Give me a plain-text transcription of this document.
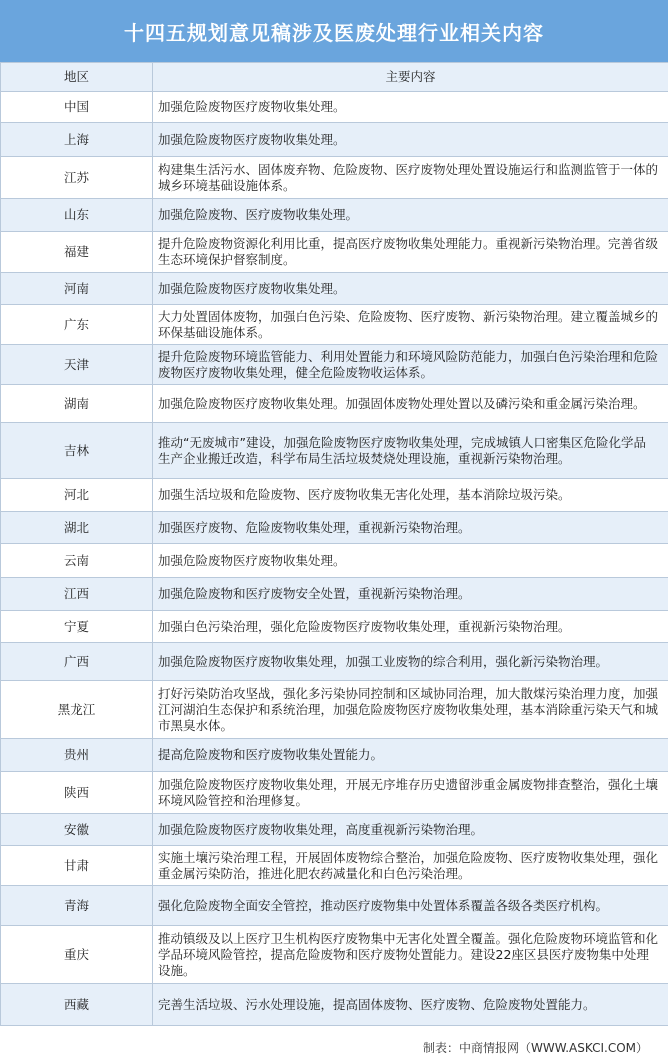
十四五规划意见稿涉及医废处理行业相关内容
地区	主要内容
中国	加强危险废物医疗废物收集处理。
上海	加强危险废物医疗废物收集处理。
江苏	构建集生活污水、固体废弃物、危险废物、医疗废物处理处置设施运行和监测监管于一体的城乡环境基础设施体系。
山东	加强危险废物、医疗废物收集处理。
福建	提升危险废物资源化利用比重，提高医疗废物收集处理能力。重视新污染物治理。完善省级生态环境保护督察制度。
河南	加强危险废物医疗废物收集处理。
广东	大力处置固体废物，加强白色污染、危险废物、医疗废物、新污染物治理。建立覆盖城乡的环保基础设施体系。
天津	提升危险废物环境监管能力、利用处置能力和环境风险防范能力，加强白色污染治理和危险废物医疗废物收集处理，健全危险废物收运体系。
湖南	加强危险废物医疗废物收集处理。加强固体废物处理处置以及磷污染和重金属污染治理。
吉林	推动“无废城市”建设，加强危险废物医疗废物收集处理，完成城镇人口密集区危险化学品生产企业搬迁改造，科学布局生活垃圾焚烧处理设施，重视新污染物治理。
河北	加强生活垃圾和危险废物、医疗废物收集无害化处理，基本消除垃圾污染。
湖北	加强医疗废物、危险废物收集处理，重视新污染物治理。
云南	加强危险废物医疗废物收集处理。
江西	加强危险废物和医疗废物安全处置，重视新污染物治理。
宁夏	加强白色污染治理，强化危险废物医疗废物收集处理，重视新污染物治理。
广西	加强危险废物医疗废物收集处理，加强工业废物的综合利用，强化新污染物治理。
黑龙江	打好污染防治攻坚战，强化多污染协同控制和区域协同治理，加大散煤污染治理力度，加强江河湖泊生态保护和系统治理，加强危险废物医疗废物收集处理，基本消除重污染天气和城市黑臭水体。
贵州	提高危险废物和医疗废物收集处置能力。
陕西	加强危险废物医疗废物收集处理，开展无序堆存历史遗留涉重金属废物排查整治，强化土壤环境风险管控和治理修复。
安徽	加强危险废物医疗废物收集处理，高度重视新污染物治理。
甘肃	实施土壤污染治理工程，开展固体废物综合整治，加强危险废物、医疗废物收集处理，强化重金属污染防治，推进化肥农药减量化和白色污染治理。
青海	强化危险废物全面安全管控，推动医疗废物集中处置体系覆盖各级各类医疗机构。
重庆	推动镇级及以上医疗卫生机构医疗废物集中无害化处置全覆盖。强化危险废物环境监管和化学品环境风险管控，提高危险废物和医疗废物处置能力。建设22座区县医疗废物集中处理设施。
西藏	完善生活垃圾、污水处理设施，提高固体废物、医疗废物、危险废物处置能力。
制表：中商情报网（WWW.ASKCI.COM）
